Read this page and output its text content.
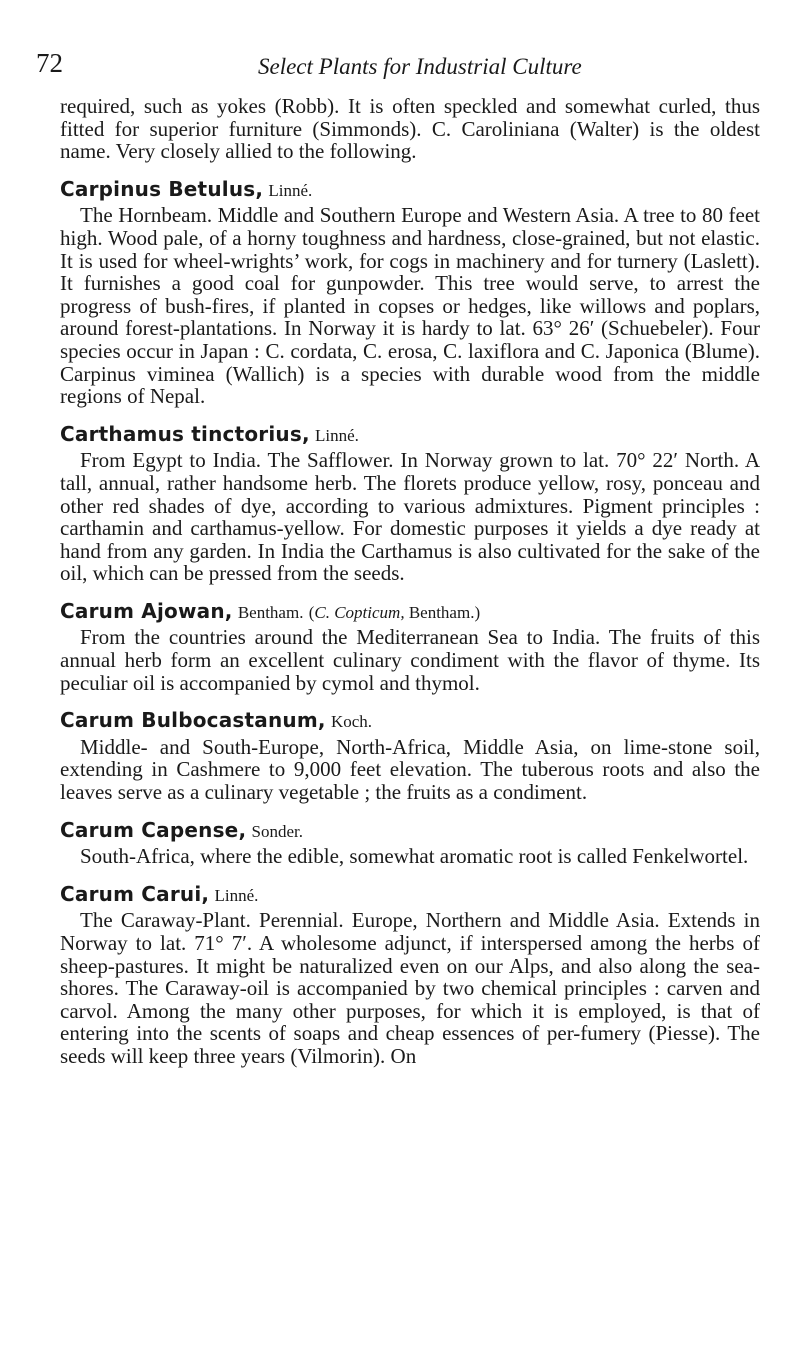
72	Select Plants for Industrial Culture

required, such as yokes (Robb). It is often speckled and somewhat curled, thus fitted for superior furniture (Simmonds). C. Caroliniana (Walter) is the oldest name. Very closely allied to the following.

Carpinus Betulus, Linné.

The Hornbeam. Middle and Southern Europe and Western Asia. A tree to 80 feet high. Wood pale, of a horny toughness and hardness, close-grained, but not elastic. It is used for wheel-wrights’ work, for cogs in machinery and for turnery (Laslett). It furnishes a good coal for gunpowder. This tree would serve, to arrest the progress of bush-fires, if planted in copses or hedges, like willows and poplars, around forest-plantations. In Norway it is hardy to lat. 63° 26′ (Schuebeler). Four species occur in Japan : C. cordata, C. erosa, C. laxiflora and C. Japonica (Blume). Carpinus viminea (Wallich) is a species with durable wood from the middle regions of Nepal.

Carthamus tinctorius, Linné.

From Egypt to India. The Safflower. In Norway grown to lat. 70° 22′ North. A tall, annual, rather handsome herb. The florets produce yellow, rosy, ponceau and other red shades of dye, according to various admixtures. Pigment principles : carthamin and carthamus-yellow. For domestic purposes it yields a dye ready at hand from any garden. In India the Carthamus is also cultivated for the sake of the oil, which can be pressed from the seeds.

Carum Ajowan, Bentham. (C. Copticum, Bentham.)

From the countries around the Mediterranean Sea to India. The fruits of this annual herb form an excellent culinary condiment with the flavor of thyme. Its peculiar oil is accompanied by cymol and thymol.

Carum Bulbocastanum, Koch.

Middle- and South-Europe, North-Africa, Middle Asia, on lime-stone soil, extending in Cashmere to 9,000 feet elevation. The tuberous roots and also the leaves serve as a culinary vegetable ; the fruits as a condiment.

Carum Capense, Sonder.

South-Africa, where the edible, somewhat aromatic root is called Fenkelwortel.

Carum Carui, Linné.

The Caraway-Plant. Perennial. Europe, Northern and Middle Asia. Extends in Norway to lat. 71° 7′. A wholesome adjunct, if interspersed among the herbs of sheep-pastures. It might be naturalized even on our Alps, and also along the sea-shores. The Caraway-oil is accompanied by two chemical principles : carven and carvol. Among the many other purposes, for which it is employed, is that of entering into the scents of soaps and cheap essences of per-fumery (Piesse). The seeds will keep three years (Vilmorin). On
